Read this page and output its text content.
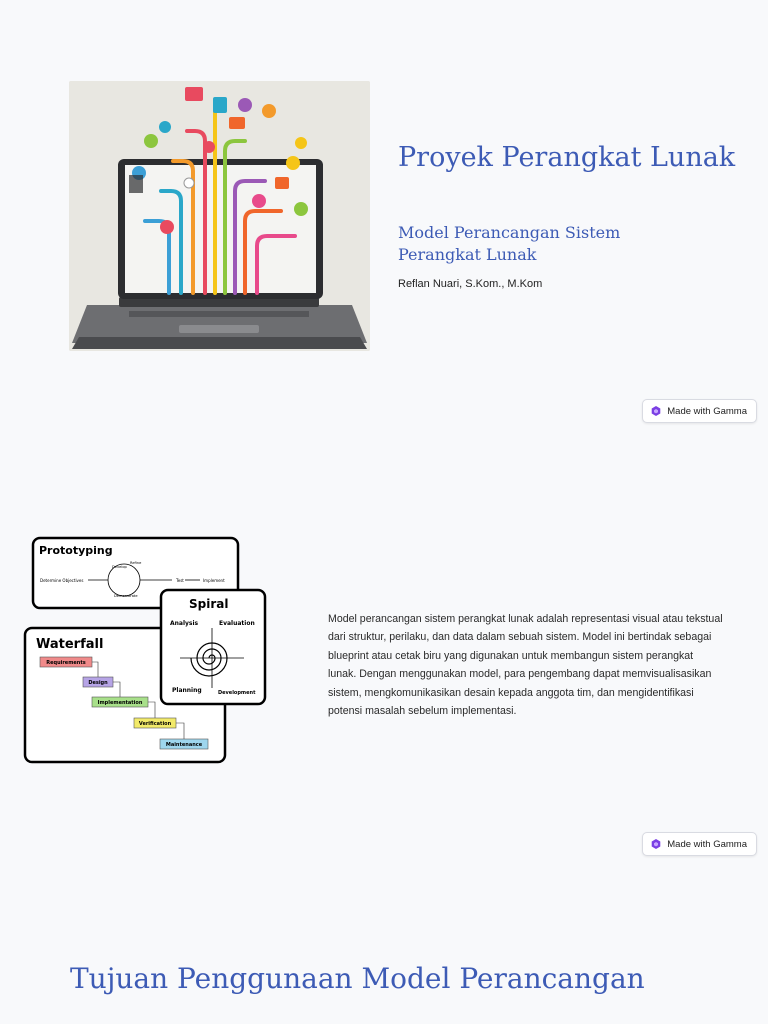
Proyek Perangkat Lunak
Model Perancangan Sistem Perangkat Lunak
Reflan Nuari, S.Kom., M.Kom
Made with Gamma
Prototyping
Determine Objectives
Develop
Refine
Demonstrate
Test	Implement
Waterfall
Requirements
Design
Implementation
Verification
Maintenance
Spiral
Analysis	Evaluation
Planning	Development

Model perancangan sistem perangkat lunak adalah representasi visual atau tekstual dari struktur, perilaku, dan data dalam sebuah sistem. Model ini bertindak sebagai blueprint atau cetak biru yang digunakan untuk membangun sistem perangkat lunak. Dengan menggunakan model, para pengembang dapat memvisualisasikan sistem, mengkomunikasikan desain kepada anggota tim, dan mengidentifikasi potensi masalah sebelum implementasi.

Made with Gamma
Tujuan Penggunaan Model Perancangan
